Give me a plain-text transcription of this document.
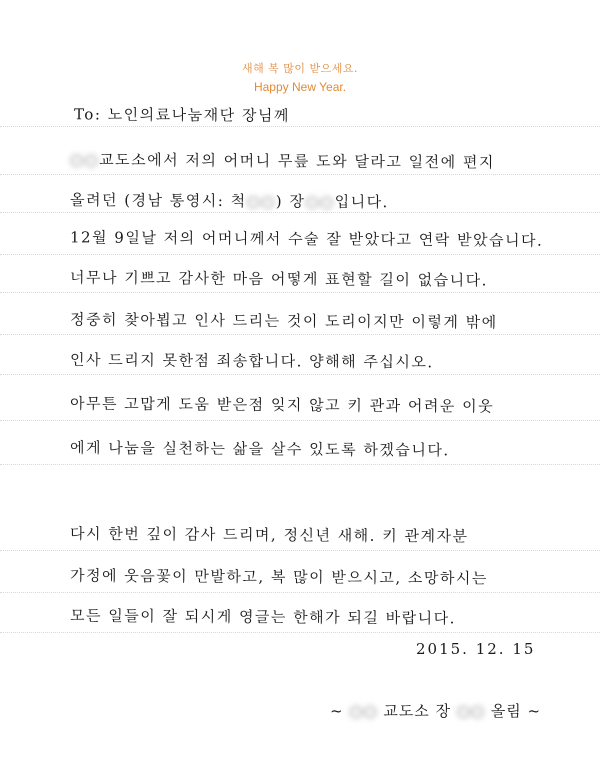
새해 복 많이 받으세요.
Happy New Year.
To: 노인의료나눔재단 장님께
○○교도소에서 저의 어머니 무릎 도와 달라고 일전에 편지
올려던 (경남 통영시: 척○○) 장○○입니다.
12월 9일날 저의 어머니께서 수술 잘 받았다고 연락 받았습니다.
너무나 기쁘고 감사한 마음 어떻게 표현할 길이 없습니다.
정중히 찾아뵙고 인사 드리는 것이 도리이지만 이렇게 밖에
인사 드리지 못한점 죄송합니다. 양해해 주십시오.
아무튼 고맙게 도움 받은점 잊지 않고 키 관과 어려운 이웃
에게 나눔을 실천하는 삶을 살수 있도록 하겠습니다.
다시 한번 깊이 감사 드리며, 정신년 새해. 키 관계자분
가정에 웃음꽃이 만발하고, 복 많이 받으시고, 소망하시는
모든 일들이 잘 되시게 영글는 한해가 되길 바랍니다.
2015. 12. 15
~ ○○ 교도소 장 ○○ 올림 ~
